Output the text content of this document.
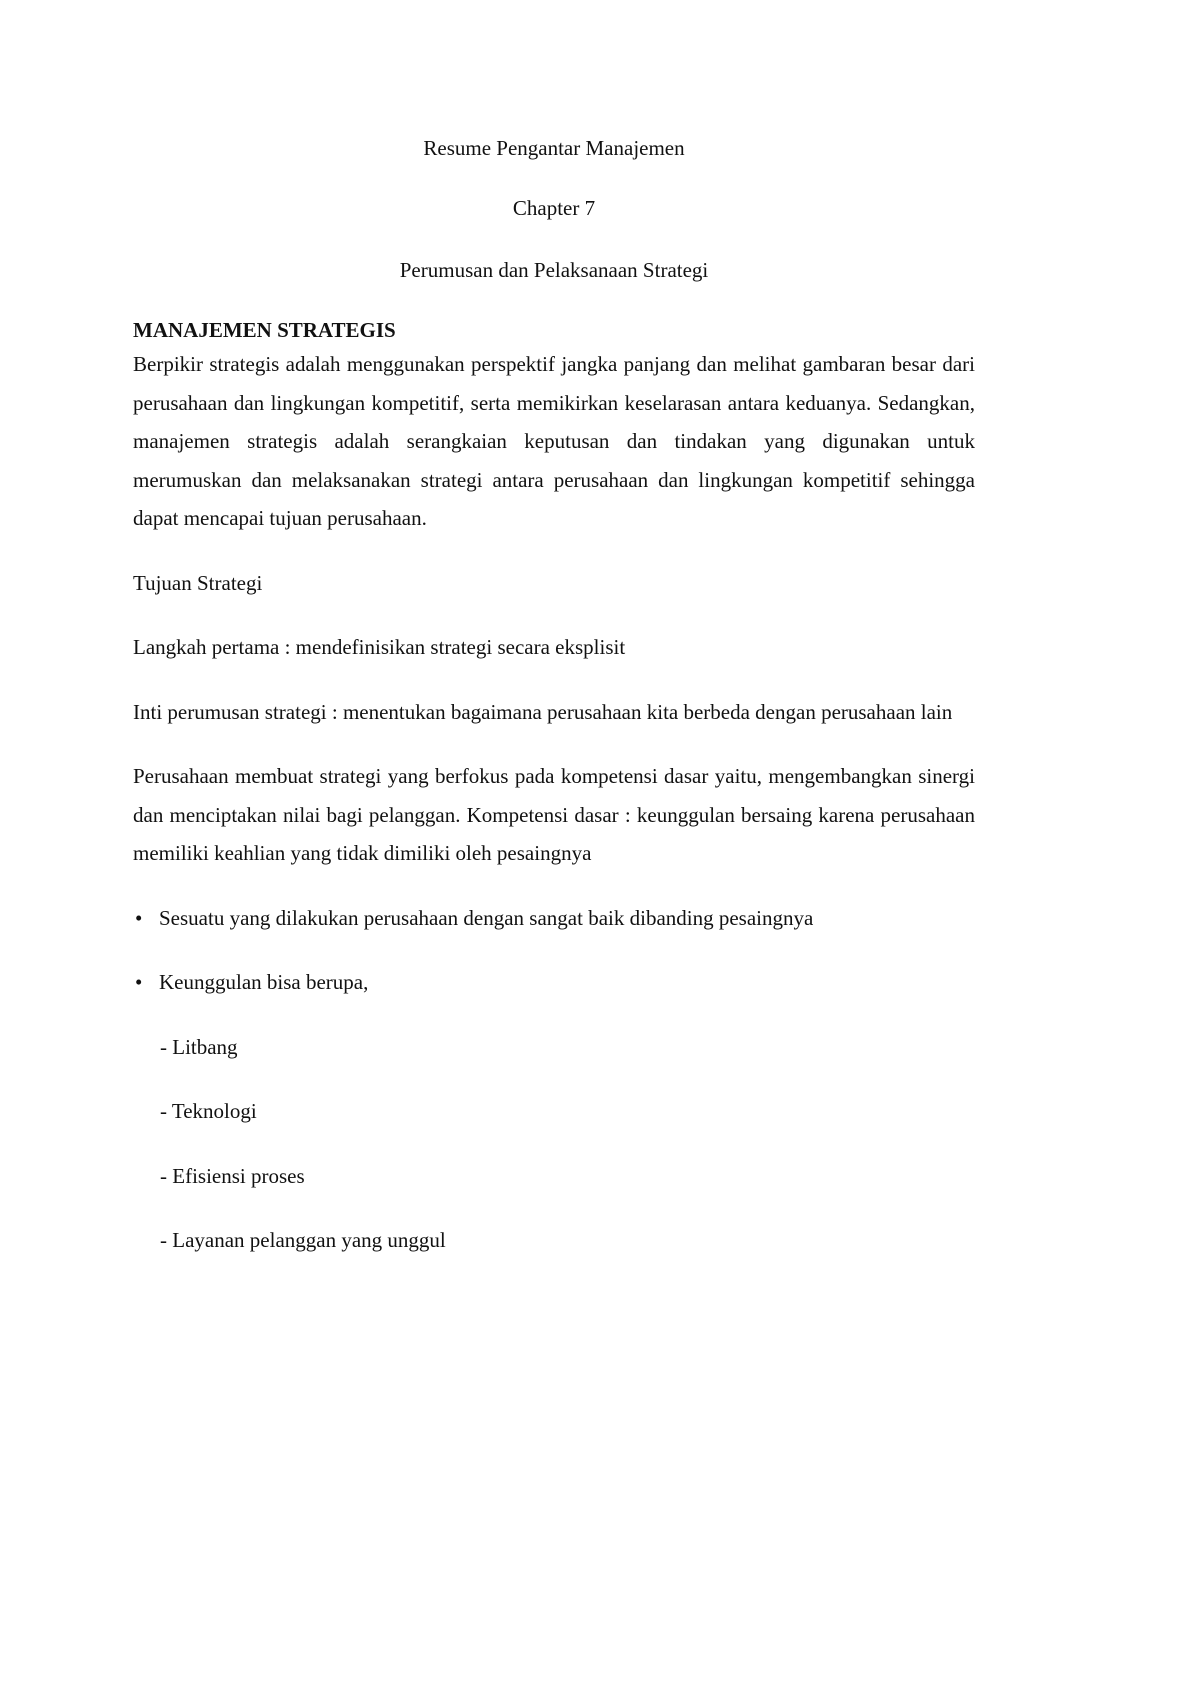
Resume Pengantar Manajemen

Chapter 7

Perumusan dan Pelaksanaan Strategi

MANAJEMEN STRATEGIS

Berpikir strategis adalah menggunakan perspektif jangka panjang dan melihat gambaran besar dari perusahaan dan lingkungan kompetitif, serta memikirkan keselarasan antara keduanya. Sedangkan, manajemen strategis adalah serangkaian keputusan dan tindakan yang digunakan untuk merumuskan dan melaksanakan strategi antara perusahaan dan lingkungan kompetitif sehingga dapat mencapai tujuan perusahaan.

Tujuan Strategi

Langkah pertama : mendefinisikan strategi secara eksplisit

Inti perumusan strategi : menentukan bagaimana perusahaan kita berbeda dengan perusahaan lain

Perusahaan membuat strategi yang berfokus pada kompetensi dasar yaitu, mengembangkan sinergi dan menciptakan nilai bagi pelanggan. Kompetensi dasar : keunggulan bersaing karena perusahaan memiliki keahlian yang tidak dimiliki oleh pesaingnya

• Sesuatu yang dilakukan perusahaan dengan sangat baik dibanding pesaingnya
• Keunggulan bisa berupa,

- Litbang

- Teknologi

- Efisiensi proses

- Layanan pelanggan yang unggul
